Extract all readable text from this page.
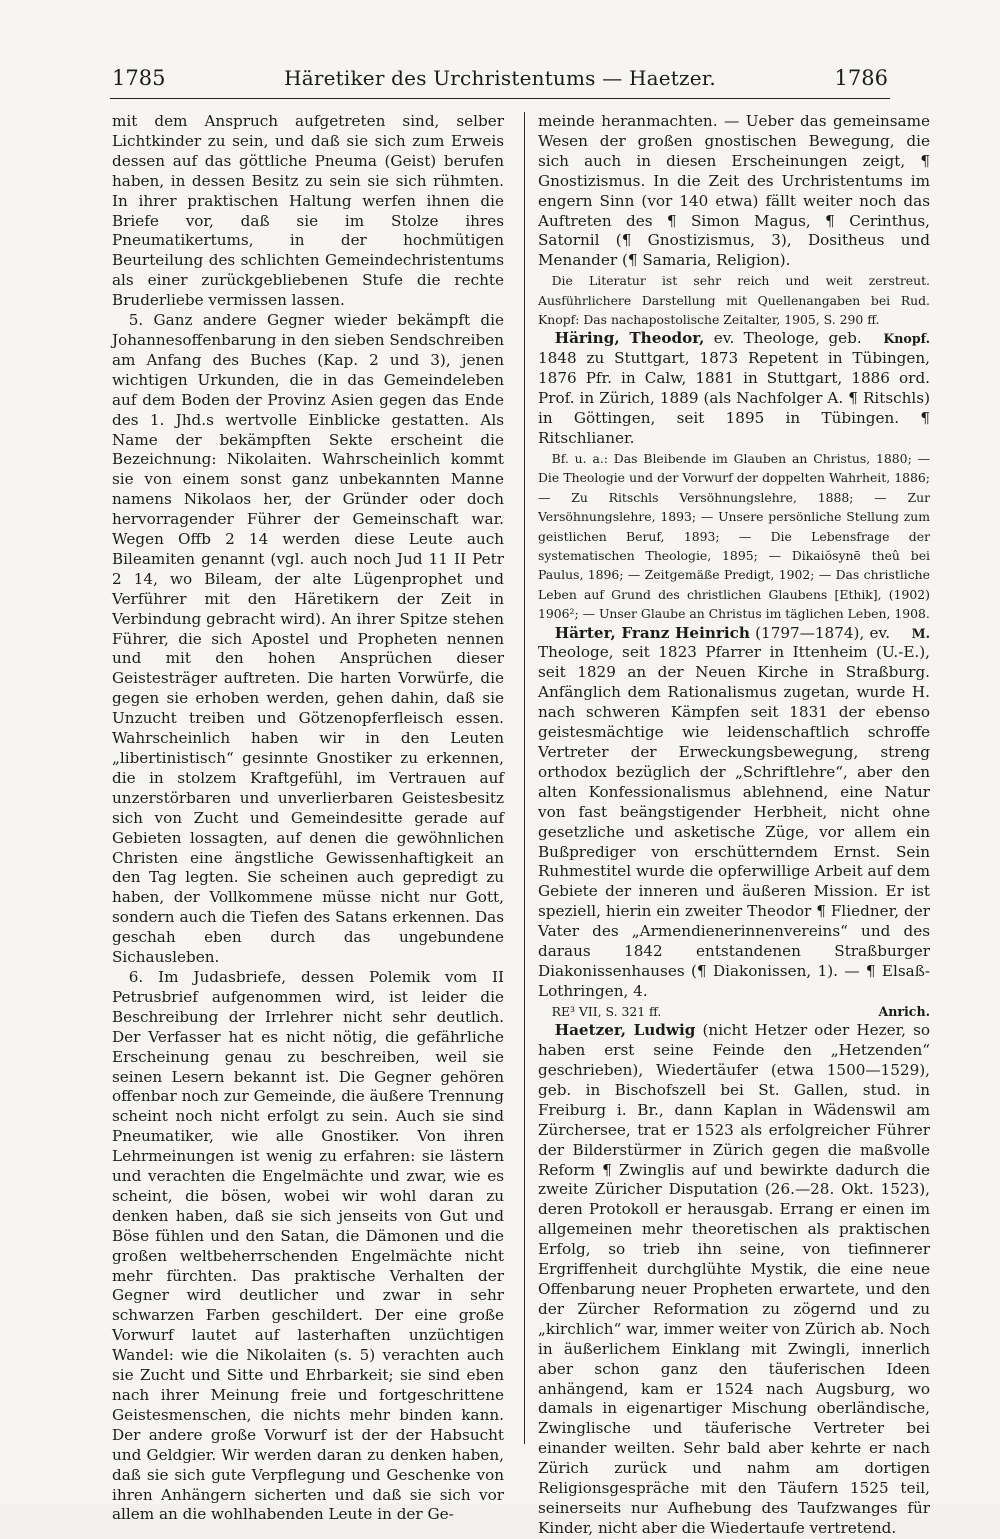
1785	Häretiker des Urchristentums — Haetzer.	1786

mit dem Anspruch aufgetreten sind, selber Lichtkinder zu sein, und daß sie sich zum Erweis dessen auf das göttliche Pneuma (Geist) berufen haben, in dessen Besitz zu sein sie sich rühmten. In ihrer praktischen Haltung werfen ihnen die Briefe vor, daß sie im Stolze ihres Pneumatikertums, in der hochmütigen Beurteilung des schlichten Gemeindechristentums als einer zurückgebliebenen Stufe die rechte Bruderliebe vermissen lassen.

5. Ganz andere Gegner wieder bekämpft die Johannesoffenbarung in den sieben Sendschreiben am Anfang des Buches (Kap. 2 und 3), jenen wichtigen Urkunden, die in das Gemeindeleben auf dem Boden der Provinz Asien gegen das Ende des 1. Jhd.s wertvolle Einblicke gestatten. Als Name der bekämpften Sekte erscheint die Bezeichnung: Nikolaiten. Wahrscheinlich kommt sie von einem sonst ganz unbekannten Manne namens Nikolaos her, der Gründer oder doch hervorragender Führer der Gemeinschaft war. Wegen Offb 2 14 werden diese Leute auch Bileamiten genannt (vgl. auch noch Jud 11 II Petr 2 14, wo Bileam, der alte Lügenprophet und Verführer mit den Häretikern der Zeit in Verbindung gebracht wird). An ihrer Spitze stehen Führer, die sich Apostel und Propheten nennen und mit den hohen Ansprüchen dieser Geistesträger auftreten. Die harten Vorwürfe, die gegen sie erhoben werden, gehen dahin, daß sie Unzucht treiben und Götzenopferfleisch essen. Wahrscheinlich haben wir in den Leuten „libertinistisch“ gesinnte Gnostiker zu erkennen, die in stolzem Kraftgefühl, im Vertrauen auf unzerstörbaren und unverlierbaren Geistesbesitz sich von Zucht und Gemeindesitte gerade auf Gebieten lossagten, auf denen die gewöhnlichen Christen eine ängstliche Gewissenhaftigkeit an den Tag legten. Sie scheinen auch gepredigt zu haben, der Vollkommene müsse nicht nur Gott, sondern auch die Tiefen des Satans erkennen. Das geschah eben durch das ungebundene Sichausleben.

6. Im Judasbriefe, dessen Polemik vom II Petrusbrief aufgenommen wird, ist leider die Beschreibung der Irrlehrer nicht sehr deutlich. Der Verfasser hat es nicht nötig, die gefährliche Erscheinung genau zu beschreiben, weil sie seinen Lesern bekannt ist. Die Gegner gehören offenbar noch zur Gemeinde, die äußere Trennung scheint noch nicht erfolgt zu sein. Auch sie sind Pneumatiker, wie alle Gnostiker. Von ihren Lehrmeinungen ist wenig zu erfahren: sie lästern und verachten die Engelmächte und zwar, wie es scheint, die bösen, wobei wir wohl daran zu denken haben, daß sie sich jenseits von Gut und Böse fühlen und den Satan, die Dämonen und die großen weltbeherrschenden Engelmächte nicht mehr fürchten. Das praktische Verhalten der Gegner wird deutlicher und zwar in sehr schwarzen Farben geschildert. Der eine große Vorwurf lautet auf lasterhaften unzüchtigen Wandel: wie die Nikolaiten (s. 5) verachten auch sie Zucht und Sitte und Ehrbarkeit; sie sind eben nach ihrer Meinung freie und fortgeschrittene Geistesmenschen, die nichts mehr binden kann. Der andere große Vorwurf ist der der Habsucht und Geldgier. Wir werden daran zu denken haben, daß sie sich gute Verpflegung und Geschenke von ihren Anhängern sicherten und daß sie sich vor allem an die wohlhabenden Leute in der Ge-

meinde heranmachten. — Ueber das gemeinsame Wesen der großen gnostischen Bewegung, die sich auch in diesen Erscheinungen zeigt, ¶ Gnostizismus. In die Zeit des Urchristentums im engern Sinn (vor 140 etwa) fällt weiter noch das Auftreten des ¶ Simon Magus, ¶ Cerinthus, Satornil (¶ Gnostizismus, 3), Dositheus und Menander (¶ Samaria, Religion).

Die Literatur ist sehr reich und weit zerstreut. Ausführlichere Darstellung mit Quellenangaben bei Rud. Knopf: Das nachapostolische Zeitalter, 1905, S. 290 ff.
Knopf.

Häring, Theodor, ev. Theologe, geb. 1848 zu Stuttgart, 1873 Repetent in Tübingen, 1876 Pfr. in Calw, 1881 in Stuttgart, 1886 ord. Prof. in Zürich, 1889 (als Nachfolger A. ¶ Ritschls) in Göttingen, seit 1895 in Tübingen. ¶ Ritschlianer.

Bf. u. a.: Das Bleibende im Glauben an Christus, 1880; — Die Theologie und der Vorwurf der doppelten Wahrheit, 1886; — Zu Ritschls Versöhnungslehre, 1888; — Zur Versöhnungslehre, 1893; — Unsere persönliche Stellung zum geistlichen Beruf, 1893; — Die Lebensfrage der systematischen Theologie, 1895; — Dikaiŏsynē theû bei Paulus, 1896; — Zeitgemäße Predigt, 1902; — Das christliche Leben auf Grund des christlichen Glaubens [Ethik], (1902) 1906²; — Unser Glaube an Christus im täglichen Leben, 1908.
M.

Härter, Franz Heinrich (1797—1874), ev. Theologe, seit 1823 Pfarrer in Ittenheim (U.-E.), seit 1829 an der Neuen Kirche in Straßburg. Anfänglich dem Rationalismus zugetan, wurde H. nach schweren Kämpfen seit 1831 der ebenso geistesmächtige wie leidenschaftlich schroffe Vertreter der Erweckungsbewegung, streng orthodox bezüglich der „Schriftlehre“, aber den alten Konfessionalismus ablehnend, eine Natur von fast beängstigender Herbheit, nicht ohne gesetzliche und asketische Züge, vor allem ein Bußprediger von erschütterndem Ernst. Sein Ruhmestitel wurde die opferwillige Arbeit auf dem Gebiete der inneren und äußeren Mission. Er ist speziell, hierin ein zweiter Theodor ¶ Fliedner, der Vater des „Armendienerinnenvereins“ und des daraus 1842 entstandenen Straßburger Diakonissenhauses (¶ Diakonissen, 1). — ¶ Elsaß-Lothringen, 4.

RE³ VII, S. 321 ff.	Anrich.

Haetzer, Ludwig (nicht Hetzer oder Hezer, so haben erst seine Feinde den „Hetzenden“ geschrieben), Wiedertäufer (etwa 1500—1529), geb. in Bischofszell bei St. Gallen, stud. in Freiburg i. Br., dann Kaplan in Wädenswil am Zürchersee, trat er 1523 als erfolgreicher Führer der Bilderstürmer in Zürich gegen die maßvolle Reform ¶ Zwinglis auf und bewirkte dadurch die zweite Züricher Disputation (26.—28. Okt. 1523), deren Protokoll er herausgab. Errang er einen im allgemeinen mehr theoretischen als praktischen Erfolg, so trieb ihn seine, von tiefinnerer Ergriffenheit durchglühte Mystik, die eine neue Offenbarung neuer Propheten erwartete, und den der Zürcher Reformation zu zögernd und zu „kirchlich“ war, immer weiter von Zürich ab. Noch in äußerlichem Einklang mit Zwingli, innerlich aber schon ganz den täuferischen Ideen anhängend, kam er 1524 nach Augsburg, wo damals in eigenartiger Mischung oberländische, Zwinglische und täuferische Vertreter bei einander weilten. Sehr bald aber kehrte er nach Zürich zurück und nahm am dortigen Religionsgespräche mit den Täufern 1525 teil, seinerseits nur Aufhebung des Taufzwanges für Kinder, nicht aber die Wiedertaufe vertretend.
